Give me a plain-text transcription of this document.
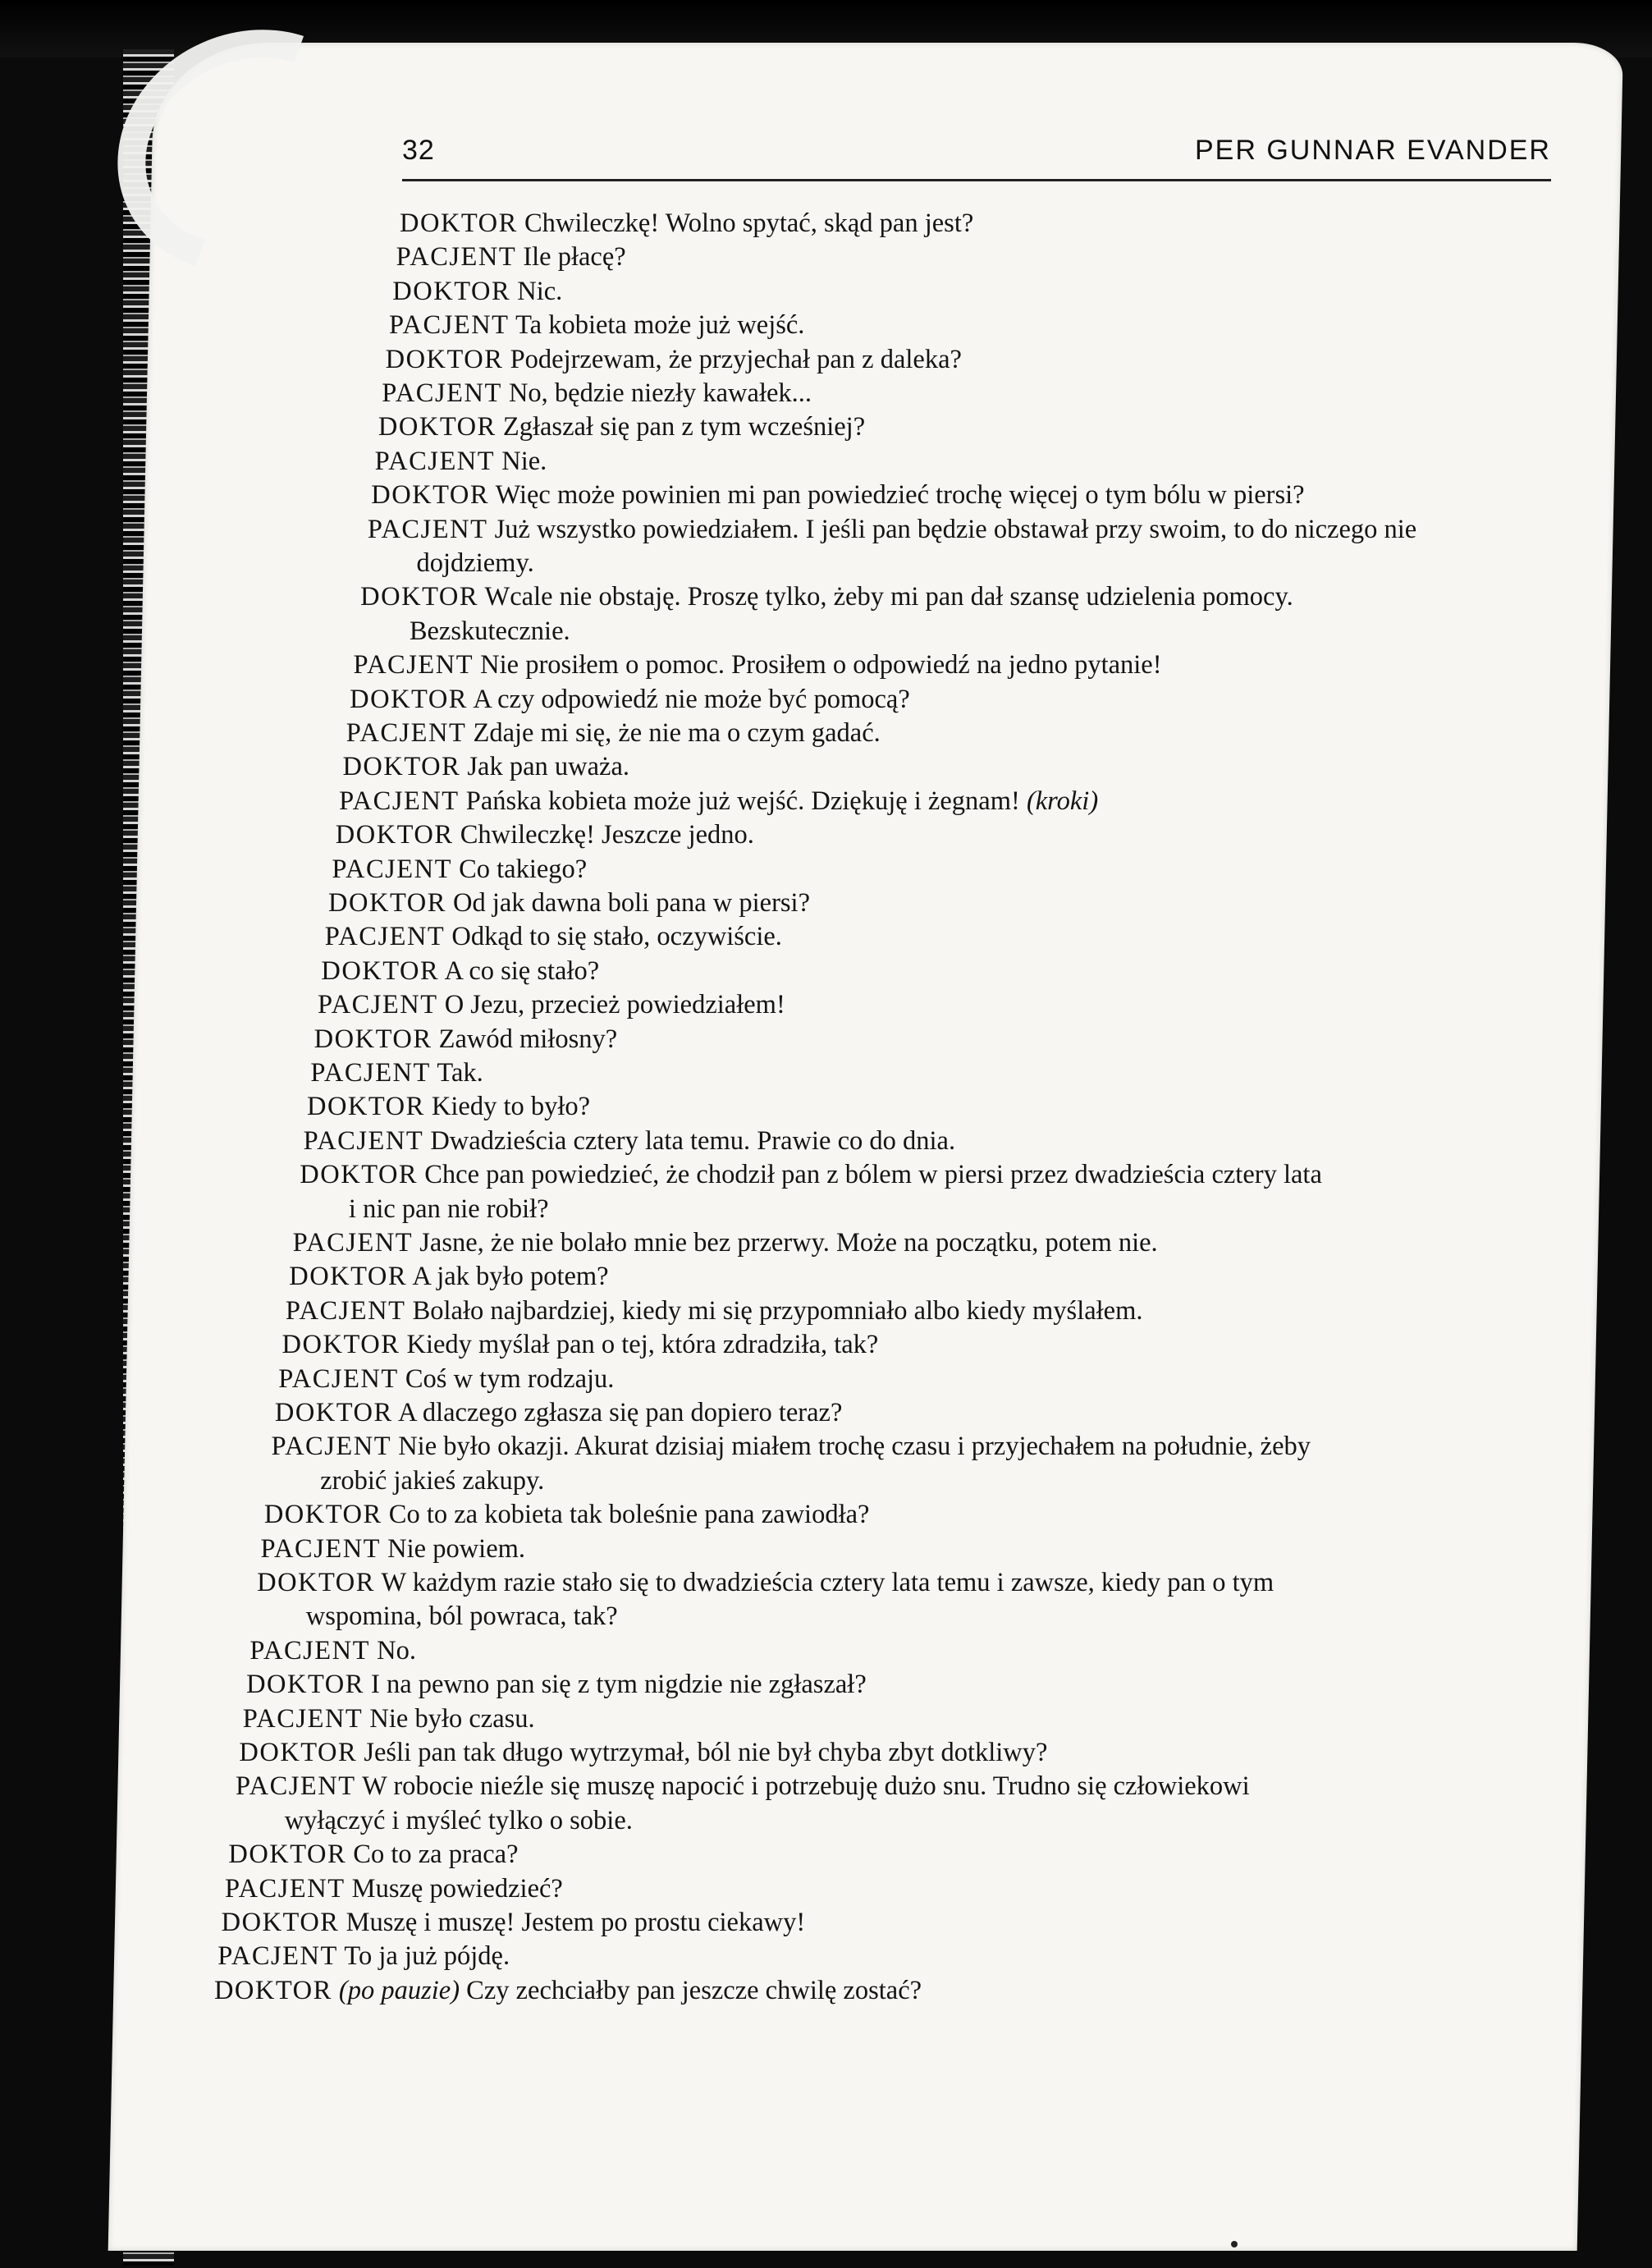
32	PER GUNNAR EVANDER
DOKTOR Chwileczkę! Wolno spytać, skąd pan jest?
PACJENT Ile płacę?
DOKTOR Nic.
PACJENT Ta kobieta może już wejść.
DOKTOR Podejrzewam, że przyjechał pan z daleka?
PACJENT No, będzie niezły kawałek...
DOKTOR Zgłaszał się pan z tym wcześniej?
PACJENT Nie.
DOKTOR Więc może powinien mi pan powiedzieć trochę więcej o tym bólu w piersi?
PACJENT Już wszystko powiedziałem. I jeśli pan będzie obstawał przy swoim, to do niczego nie
dojdziemy.
DOKTOR Wcale nie obstaję. Proszę tylko, żeby mi pan dał szansę udzielenia pomocy.
Bezskutecznie.
PACJENT Nie prosiłem o pomoc. Prosiłem o odpowiedź na jedno pytanie!
DOKTOR A czy odpowiedź nie może być pomocą?
PACJENT Zdaje mi się, że nie ma o czym gadać.
DOKTOR Jak pan uważa.
PACJENT Pańska kobieta może już wejść. Dziękuję i żegnam! (kroki)
DOKTOR Chwileczkę! Jeszcze jedno.
PACJENT Co takiego?
DOKTOR Od jak dawna boli pana w piersi?
PACJENT Odkąd to się stało, oczywiście.
DOKTOR A co się stało?
PACJENT O Jezu, przecież powiedziałem!
DOKTOR Zawód miłosny?
PACJENT Tak.
DOKTOR Kiedy to było?
PACJENT Dwadzieścia cztery lata temu. Prawie co do dnia.
DOKTOR Chce pan powiedzieć, że chodził pan z bólem w piersi przez dwadzieścia cztery lata
i nic pan nie robił?
PACJENT Jasne, że nie bolało mnie bez przerwy. Może na początku, potem nie.
DOKTOR A jak było potem?
PACJENT Bolało najbardziej, kiedy mi się przypomniało albo kiedy myślałem.
DOKTOR Kiedy myślał pan o tej, która zdradziła, tak?
PACJENT Coś w tym rodzaju.
DOKTOR A dlaczego zgłasza się pan dopiero teraz?
PACJENT Nie było okazji. Akurat dzisiaj miałem trochę czasu i przyjechałem na południe, żeby
zrobić jakieś zakupy.
DOKTOR Co to za kobieta tak boleśnie pana zawiodła?
PACJENT Nie powiem.
DOKTOR W każdym razie stało się to dwadzieścia cztery lata temu i zawsze, kiedy pan o tym
wspomina, ból powraca, tak?
PACJENT No.
DOKTOR I na pewno pan się z tym nigdzie nie zgłaszał?
PACJENT Nie było czasu.
DOKTOR Jeśli pan tak długo wytrzymał, ból nie był chyba zbyt dotkliwy?
PACJENT W robocie nieźle się muszę napocić i potrzebuję dużo snu. Trudno się człowiekowi
wyłączyć i myśleć tylko o sobie.
DOKTOR Co to za praca?
PACJENT Muszę powiedzieć?
DOKTOR Muszę i muszę! Jestem po prostu ciekawy!
PACJENT To ja już pójdę.
DOKTOR (po pauzie) Czy zechciałby pan jeszcze chwilę zostać?
